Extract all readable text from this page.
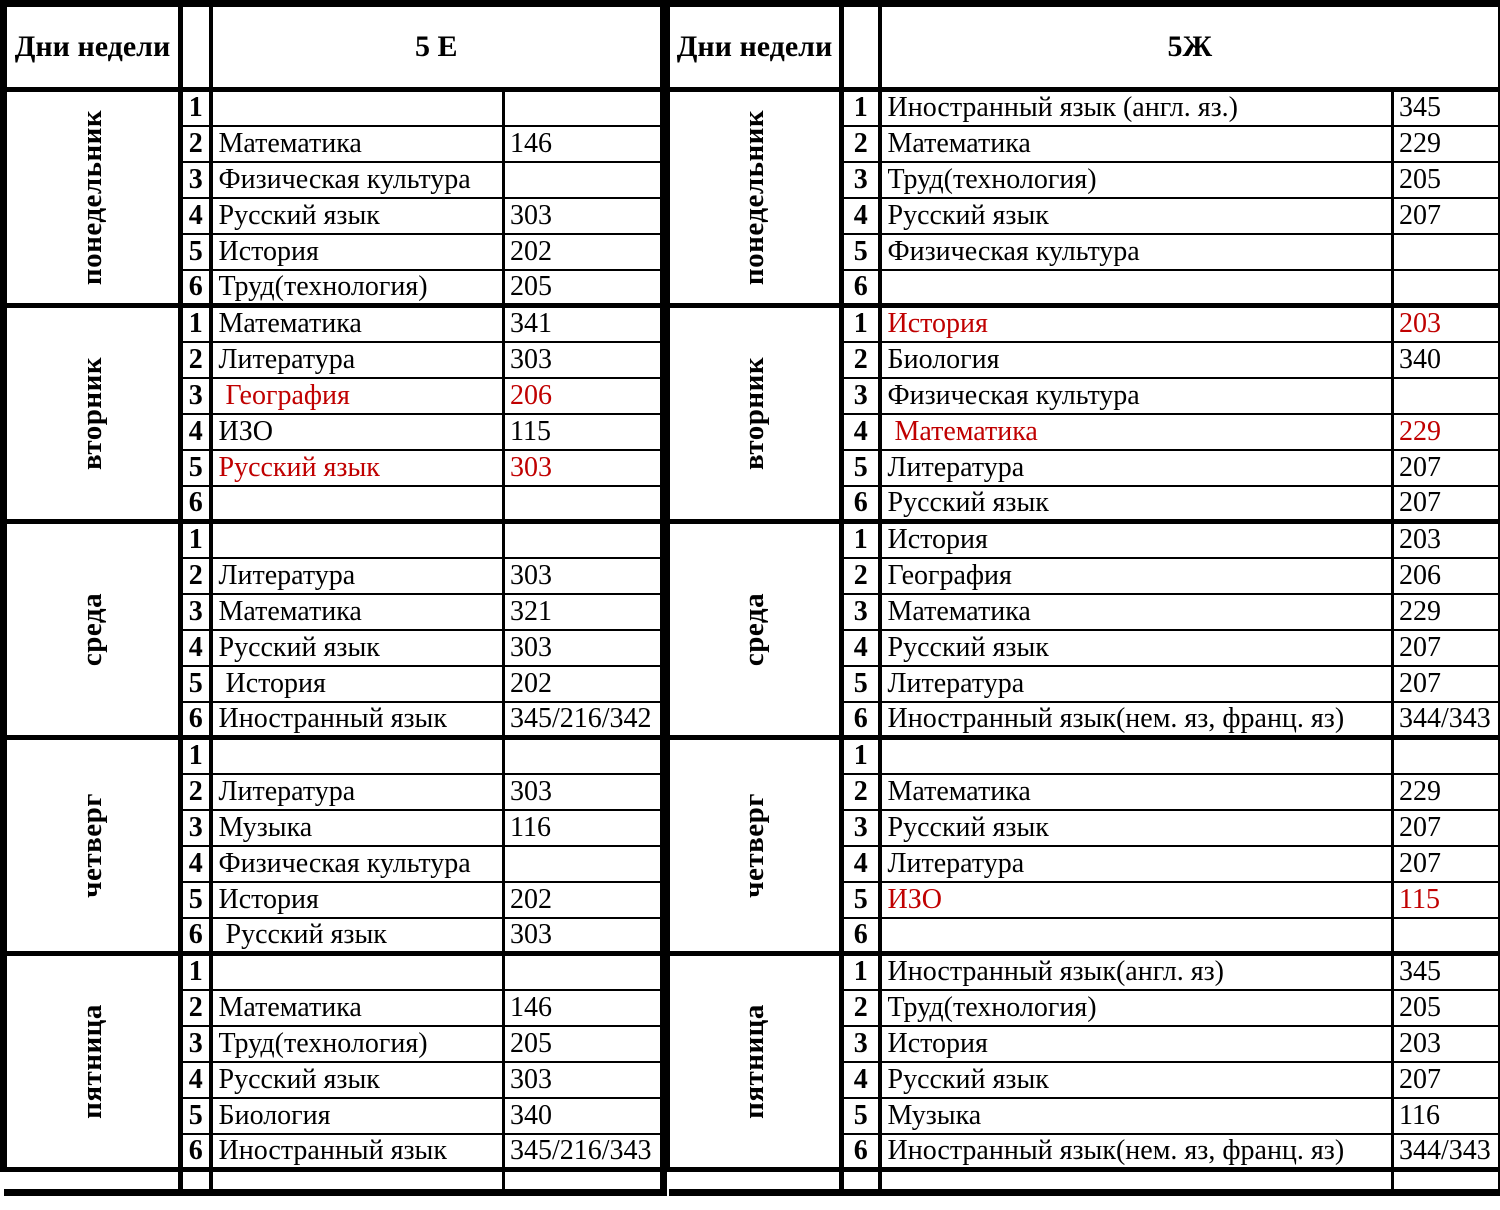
Дни недели		5 Е	

понедельник	1		
	2	Математика	146
	3	Физическая культура	
	4	Русский язык	303
	5	История	202
	6	Труд(технология)	205

вторник	1	Математика	341
	2	Литература	303
	3	География	206
	4	ИЗО	115
	5	Русский язык	303
	6		

среда	1		
	2	Литература	303
	3	Математика	321
	4	Русский язык	303
	5	История	202
	6	Иностранный язык	345/216/342

четверг	1		
	2	Литература	303
	3	Музыка	116
	4	Физическая культура	
	5	История	202
	6	Русский язык	303

пятница	1		
	2	Математика	146
	3	Труд(технология)	205
	4	Русский язык	303
	5	Биология	340
	6	Иностранный язык	345/216/343

Дни недели		5Ж	

понедельник	1	Иностранный язык (англ. яз.)	345
	2	Математика	229
	3	Труд(технология)	205
	4	Русский язык	207
	5	Физическая культура	
	6		

вторник	1	История	203
	2	Биология	340
	3	Физическая культура	
	4	Математика	229
	5	Литература	207
	6	Русский язык	207

среда	1	История	203
	2	География	206
	3	Математика	229
	4	Русский язык	207
	5	Литература	207
	6	Иностранный язык(нем. яз, франц. яз)	344/343

четверг	1		
	2	Математика	229
	3	Русский язык	207
	4	Литература	207
	5	ИЗО	115
	6		

пятница	1	Иностранный язык(англ. яз)	345
	2	Труд(технология)	205
	3	История	203
	4	Русский язык	207
	5	Музыка	116
	6	Иностранный язык(нем. яз, франц. яз)	344/343
